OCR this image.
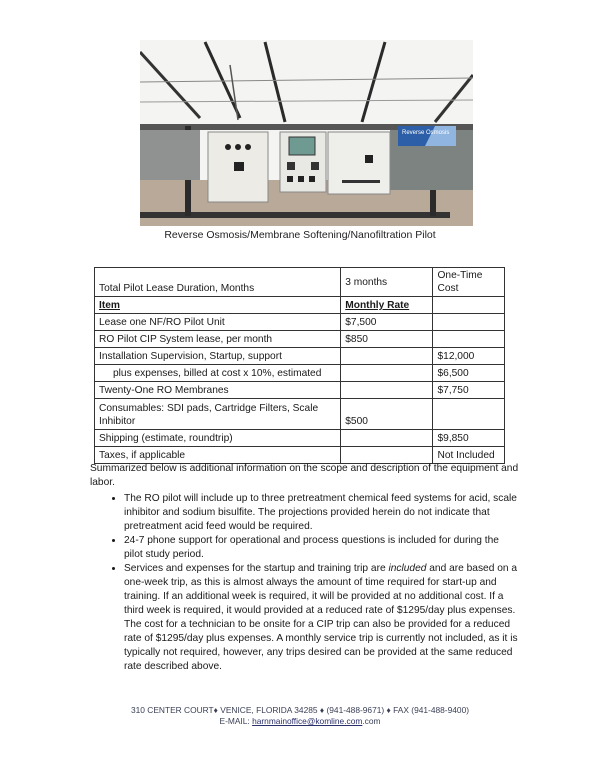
Reverse Osmosis
Reverse Osmosis/Membrane Softening/Nanofiltration Pilot
Total Pilot Lease Duration, Months	3 months	One-Time Cost
Item	Monthly Rate	
Lease one NF/RO Pilot Unit	$7,500	
RO Pilot CIP System lease, per month	$850	
Installation Supervision, Startup, support		$12,000
plus expenses, billed at cost x 10%, estimated		$6,500
Twenty-One RO Membranes		$7,750
Consumables: SDI pads, Cartridge Filters, Scale Inhibitor	$500	
Shipping (estimate, roundtrip)		$9,850
Taxes, if applicable		Not Included

Summarized below is additional information on the scope and description of the equipment and labor.

• The RO pilot will include up to three pretreatment chemical feed systems for acid, scale inhibitor and sodium bisulfite. The projections provided herein do not indicate that pretreatment acid feed would be required.
• 24-7 phone support for operational and process questions is included for during the pilot study period.
• Services and expenses for the startup and training trip are included and are based on a one-week trip, as this is almost always the amount of time required for start-up and training. If an additional week is required, it will be provided at no additional cost. If a third week is required, it would provided at a reduced rate of $1295/day plus expenses. The cost for a technician to be onsite for a CIP trip can also be provided for a reduced rate of $1295/day plus expenses. A monthly service trip is currently not included, as it is typically not required, however, any trips desired can be provided at the same reduced rate described above.
310 CENTER COURT♦ VENICE, FLORIDA 34285 ♦ (941-488-9671) ♦ FAX (941-488-9400)
E-MAIL: harnmainoffice@komline.com.com
